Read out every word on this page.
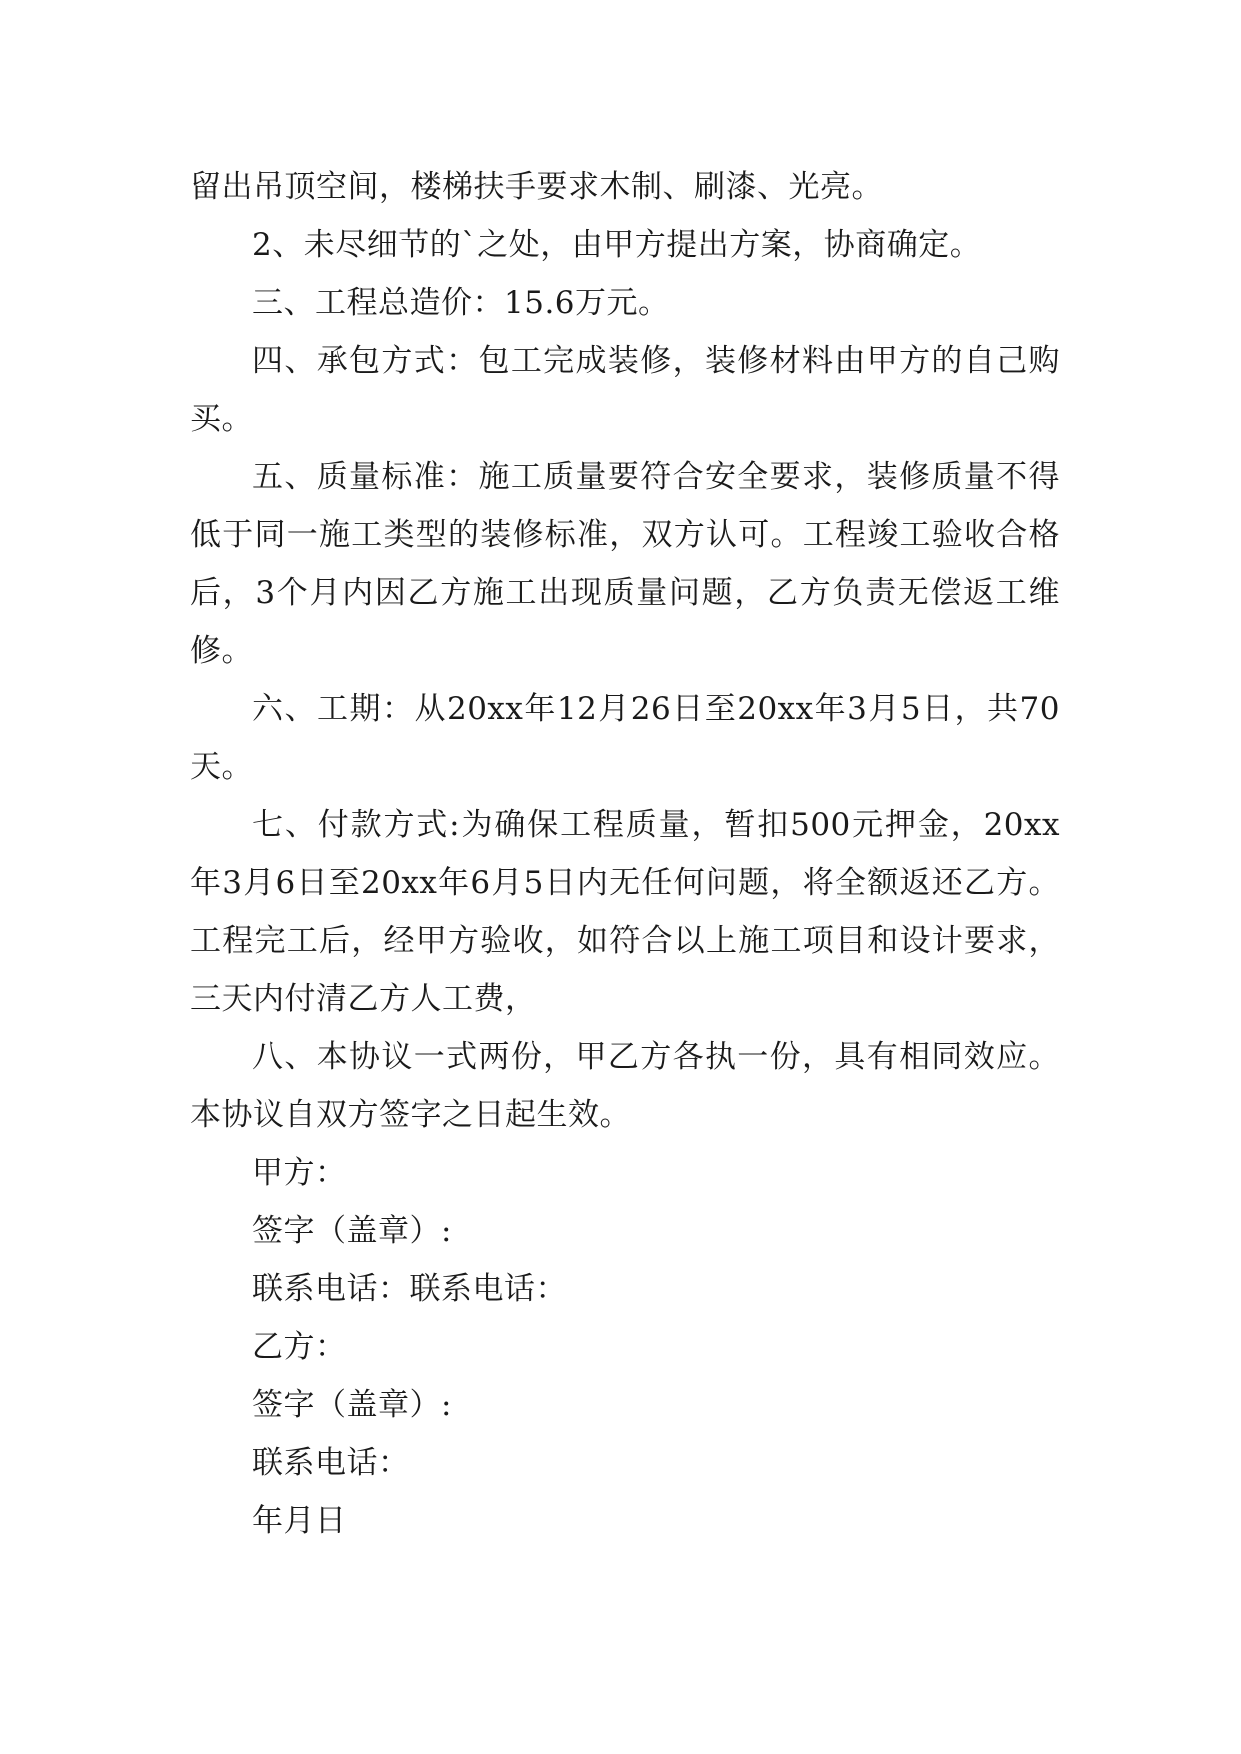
留出吊顶空间，楼梯扶手要求木制、刷漆、光亮。

2、未尽细节的`之处，由甲方提出方案，协商确定。

三、工程总造价：15.6万元。

四、承包方式：包工完成装修，装修材料由甲方的自己购买。

五、质量标准：施工质量要符合安全要求，装修质量不得低于同一施工类型的装修标准，双方认可。工程竣工验收合格后，3个月内因乙方施工出现质量问题，乙方负责无偿返工维修。

六、工期：从20xx年12月26日至20xx年3月5日，共70天。

七、付款方式:为确保工程质量，暂扣500元押金，20xx年3月6日至20xx年6月5日内无任何问题，将全额返还乙方。工程完工后，经甲方验收，如符合以上施工项目和设计要求，三天内付清乙方人工费，

八、本协议一式两份，甲乙方各执一份，具有相同效应。本协议自双方签字之日起生效。

甲方：

签字（盖章）:

联系电话：联系电话：

乙方：

签字（盖章）:

联系电话：

年月日
